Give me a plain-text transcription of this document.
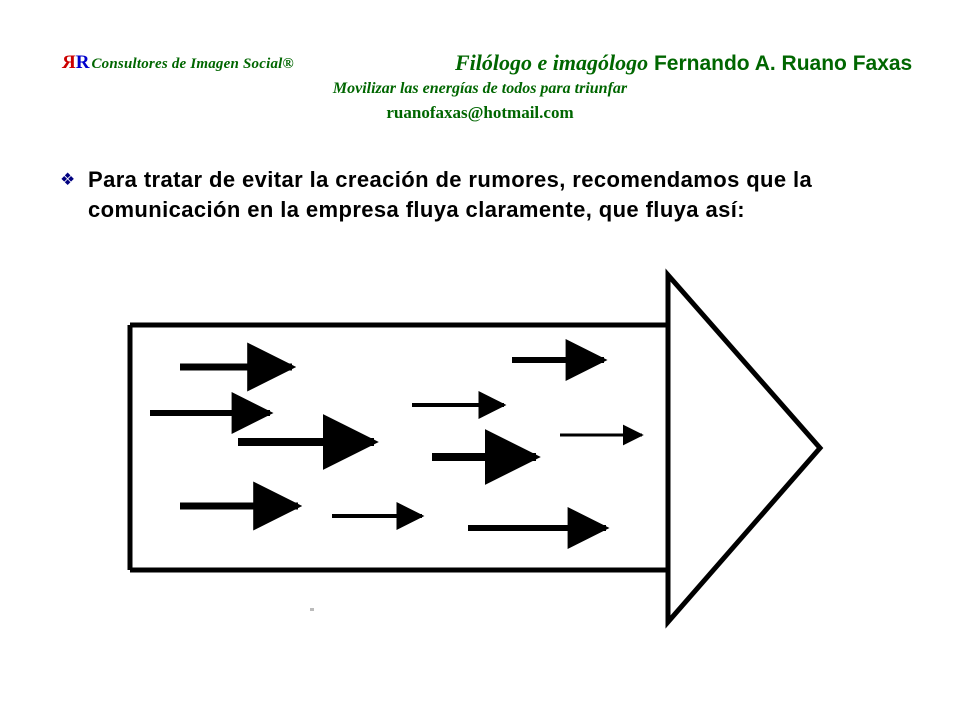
RR Consultores de Imagen Social®	Filólogo e imagólogo Fernando A. Ruano Faxas
Movilizar las energías de todos para triunfar
ruanofaxas@hotmail.com
❖ Para tratar de evitar la creación de rumores, recomendamos que la comunicación en la empresa fluya claramente, que fluya así:
